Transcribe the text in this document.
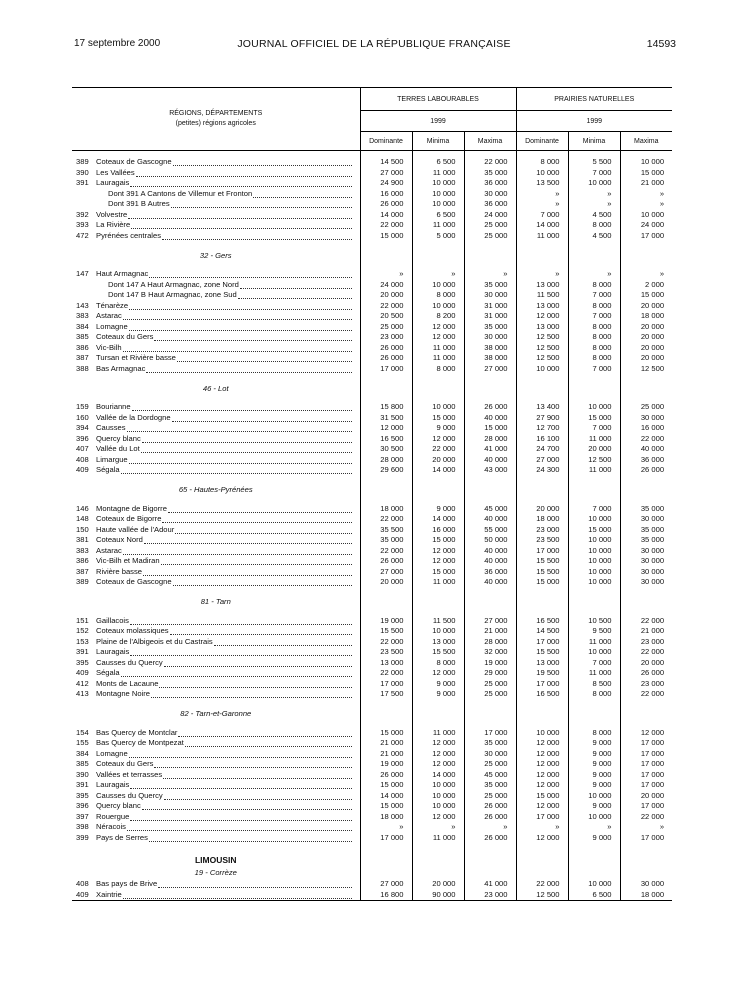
17 septembre 2000	JOURNAL OFFICIEL DE LA RÉPUBLIQUE FRANÇAISE	14593
RÉGIONS, DÉPARTEMENTS
(petites) régions agricoles	TERRES LABOURABLES			PRAIRIES NATURELLES		
	1999			1999		
	Dominante	Minima	Maxima	Dominante	Minima	Maxima

389 Coteaux de Gascogne	14 500	6 500	22 000	8 000	5 500	10 000

390 Les Vallées	27 000	11 000	35 000	10 000	7 000	15 000

391 Lauragais	24 900	10 000	36 000	13 500	10 000	21 000

Dont 391 A Cantons de Villemur et Fronton	16 000	10 000	30 000	»	»	»

Dont 391 B Autres	26 000	10 000	36 000	»	»	»

392 Volvestre	14 000	6 500	24 000	7 000	4 500	10 000

393 La Rivière	22 000	11 000	25 000	14 000	8 000	24 000

472 Pyrénées centrales	15 000	5 000	25 000	11 000	4 500	17 000
32 - Gers						

147 Haut Armagnac	»	»	»	»	»	»

Dont 147 A Haut Armagnac, zone Nord	24 000	10 000	35 000	13 000	8 000	2 000

Dont 147 B Haut Armagnac, zone Sud	20 000	8 000	30 000	11 500	7 000	15 000

143 Ténarèze	22 000	10 000	31 000	13 000	8 000	20 000

383 Astarac	20 500	8 200	31 000	12 000	7 000	18 000

384 Lomagne	25 000	12 000	35 000	13 000	8 000	20 000

385 Coteaux du Gers	23 000	12 000	30 000	12 500	8 000	20 000

386 Vic-Bilh	26 000	11 000	38 000	12 500	8 000	20 000

387 Tursan et Rivière basse	26 000	11 000	38 000	12 500	8 000	20 000

388 Bas Armagnac	17 000	8 000	27 000	10 000	7 000	12 500
46 - Lot						

159 Bourianne	15 800	10 000	26 000	13 400	10 000	25 000

160 Vallée de la Dordogne	31 500	15 000	40 000	27 900	15 000	30 000

394 Causses	12 000	9 000	15 000	12 700	7 000	16 000

396 Quercy blanc	16 500	12 000	28 000	16 100	11 000	22 000

407 Vallée du Lot	30 500	22 000	41 000	24 700	20 000	40 000

408 Limargue	28 000	20 000	40 000	27 000	12 500	36 000

409 Ségala	29 600	14 000	43 000	24 300	11 000	26 000
65 - Hautes-Pyrénées						

146 Montagne de Bigorre	18 000	9 000	45 000	20 000	7 000	35 000

148 Coteaux de Bigorre	22 000	14 000	40 000	18 000	10 000	30 000

150 Haute vallée de l'Adour	35 500	16 000	55 000	23 000	15 000	35 000

381 Coteaux Nord	35 000	15 000	50 000	23 500	10 000	35 000

383 Astarac	22 000	12 000	40 000	17 000	10 000	30 000

386 Vic-Bilh et Madiran	26 000	12 000	40 000	15 500	10 000	30 000

387 Rivière basse	27 000	15 000	36 000	15 500	10 000	30 000

389 Coteaux de Gascogne	20 000	11 000	40 000	15 000	10 000	30 000
81 - Tarn						

151 Gaillacois	19 000	11 500	27 000	16 500	10 500	22 000

152 Coteaux molassiques	15 500	10 000	21 000	14 500	9 500	21 000

153 Plaine de l'Albigeois et du Castrais	22 000	13 000	28 000	17 000	11 000	23 000

391 Lauragais	23 500	15 500	32 000	15 500	10 000	22 000

395 Causses du Quercy	13 000	8 000	19 000	13 000	7 000	20 000

409 Ségala	22 000	12 000	29 000	19 500	11 000	26 000

412 Monts de Lacaune	17 000	9 000	25 000	17 000	8 500	23 000

413 Montagne Noire	17 500	9 000	25 000	16 500	8 000	22 000
82 - Tarn-et-Garonne						

154 Bas Quercy de Montclar	15 000	11 000	17 000	10 000	8 000	12 000

155 Bas Quercy de Montpezat	21 000	12 000	35 000	12 000	9 000	17 000

384 Lomagne	21 000	12 000	30 000	12 000	9 000	17 000

385 Coteaux du Gers	19 000	12 000	25 000	12 000	9 000	17 000

390 Vallées et terrasses	26 000	14 000	45 000	12 000	9 000	17 000

391 Lauragais	15 000	10 000	35 000	12 000	9 000	17 000

395 Causses du Quercy	14 000	10 000	25 000	15 000	10 000	20 000

396 Quercy blanc	15 000	10 000	26 000	12 000	9 000	17 000

397 Rouergue	18 000	12 000	26 000	17 000	10 000	22 000

398 Néracois	»	»	»	»	»	»

399 Pays de Serres	17 000	11 000	26 000	12 000	9 000	17 000
LIMOUSIN						
19 - Corrèze						

408 Bas pays de Brive	27 000	20 000	41 000	22 000	10 000	30 000

409 Xaintrie	16 800	90 000	23 000	12 500	6 500	18 000
